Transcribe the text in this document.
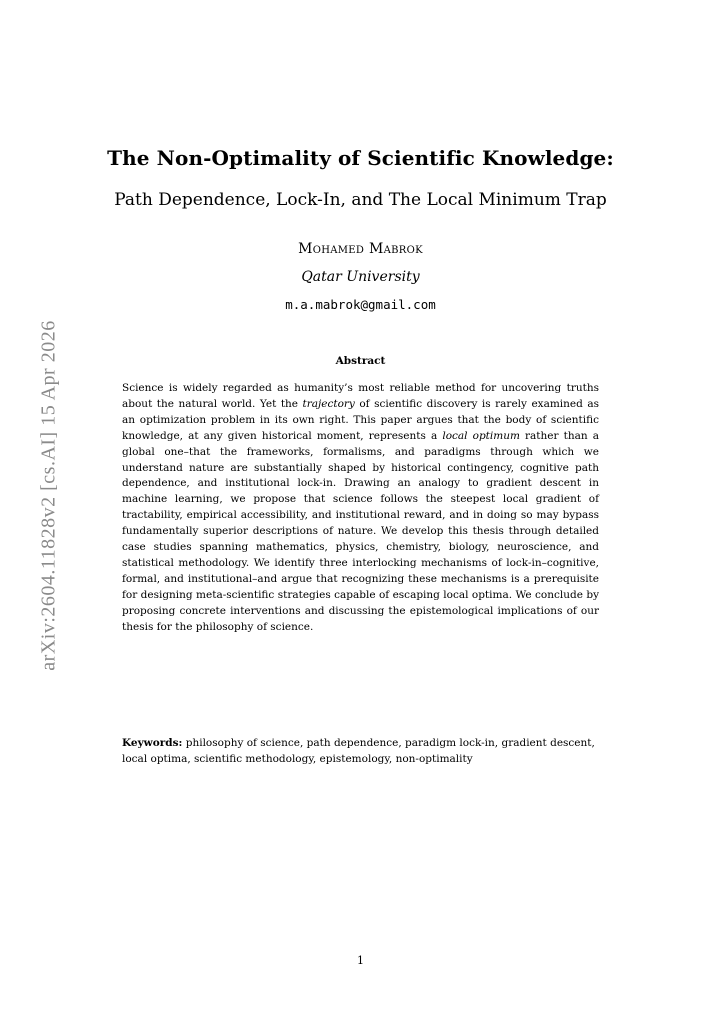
arXiv:2604.11828v2 [cs.AI] 15 Apr 2026
The Non-Optimality of Scientific Knowledge:
Path Dependence, Lock-In, and The Local Minimum Trap
Mohamed Mabrok
Qatar University
m.a.mabrok@gmail.com
Abstract

Science is widely regarded as humanity’s most reliable method for uncovering truths about the natural world. Yet the trajectory of scientific discovery is rarely examined as an optimization problem in its own right. This paper argues that the body of scientific knowledge, at any given historical moment, represents a local optimum rather than a global one–that the frameworks, formalisms, and paradigms through which we understand nature are substantially shaped by historical contingency, cognitive path dependence, and institutional lock-in. Drawing an analogy to gradient descent in machine learning, we propose that science follows the steepest local gradient of tractability, empirical accessibility, and institutional reward, and in doing so may bypass fundamentally superior descriptions of nature. We develop this thesis through detailed case studies spanning mathematics, physics, chemistry, biology, neuroscience, and statistical methodology. We identify three interlocking mechanisms of lock-in–cognitive, formal, and institutional–and argue that recognizing these mechanisms is a prerequisite for designing meta-scientific strategies capable of escaping local optima. We conclude by proposing concrete interventions and discussing the epistemological implications of our thesis for the philosophy of science.

Keywords: philosophy of science, path dependence, paradigm lock-in, gradient descent, local optima, scientific methodology, epistemology, non-optimality
1
